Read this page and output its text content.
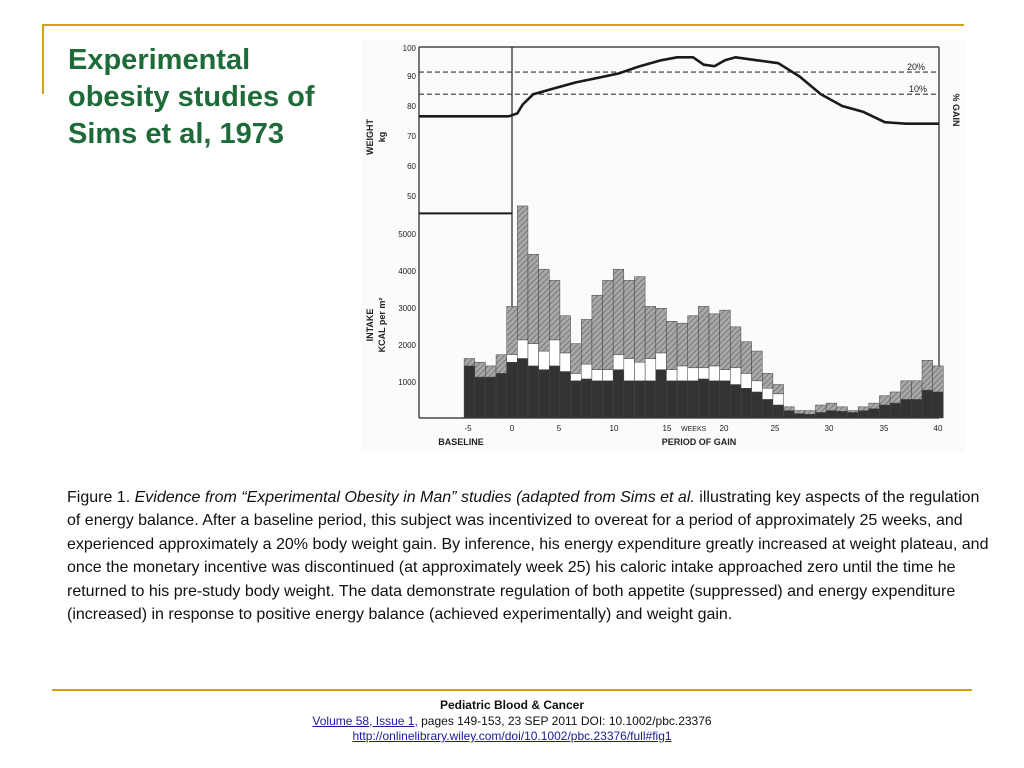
Experimental obesity studies of Sims et al, 1973
100
90
80
70
60
50
5000
4000
3000
2000
1000
WEIGHT kg
INTAKE KCAL per m²
% GAIN
20%
10%
-5	0	5	10	15 WEEKS 20	25	30	35	40
BASELINE	PERIOD OF GAIN

Figure 1. Evidence from “Experimental Obesity in Man” studies (adapted from Sims et al. illustrating key aspects of the regulation of energy balance. After a baseline period, this subject was incentivized to overeat for a period of approximately 25 weeks, and experienced approximately a 20% body weight gain. By inference, his energy expenditure greatly increased at weight plateau, and once the monetary incentive was discontinued (at approximately week 25) his caloric intake approached zero until the time he returned to his pre-study body weight. The data demonstrate regulation of both appetite (suppressed) and energy expenditure (increased) in response to positive energy balance (achieved experimentally) and weight gain.

Pediatric Blood & Cancer
Volume 58, Issue 1, pages 149-153, 23 SEP 2011 DOI: 10.1002/pbc.23376
http://onlinelibrary.wiley.com/doi/10.1002/pbc.23376/full#fig1
